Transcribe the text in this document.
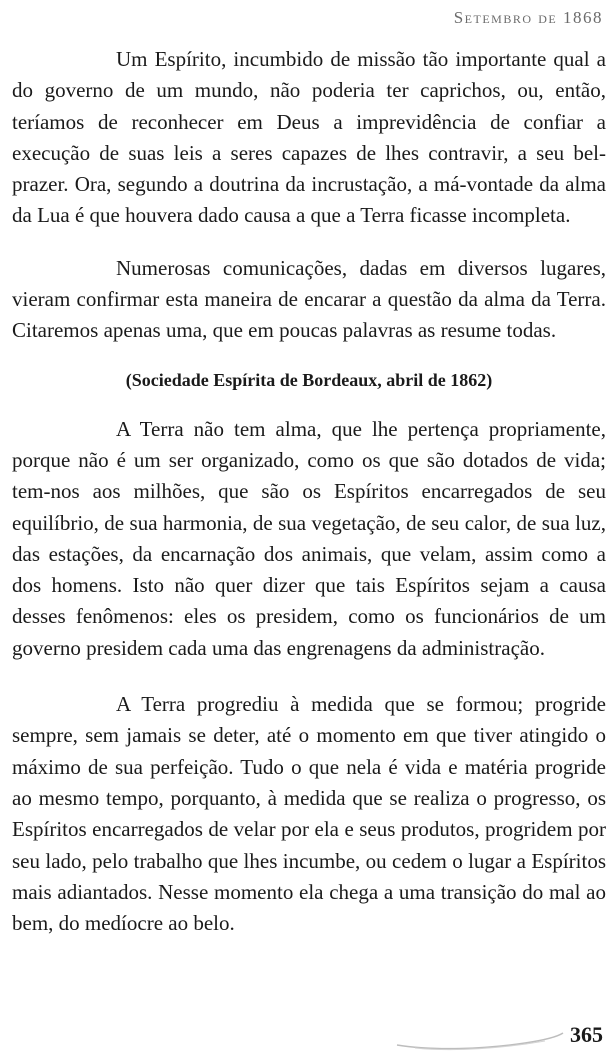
Setembro de 1868

Um Espírito, incumbido de missão tão importante qual a do governo de um mundo, não poderia ter caprichos, ou, então, teríamos de reconhecer em Deus a imprevidência de confiar a execução de suas leis a seres capazes de lhes contravir, a seu bel-prazer. Ora, segundo a doutrina da incrustação, a má-vontade da alma da Lua é que houvera dado causa a que a Terra ficasse incompleta.

Numerosas comunicações, dadas em diversos lugares, vieram confirmar esta maneira de encarar a questão da alma da Terra. Citaremos apenas uma, que em poucas palavras as resume todas.

(Sociedade Espírita de Bordeaux, abril de 1862)

A Terra não tem alma, que lhe pertença propriamente, porque não é um ser organizado, como os que são dotados de vida; tem-nos aos milhões, que são os Espíritos encarregados de seu equilíbrio, de sua harmonia, de sua vegetação, de seu calor, de sua luz, das estações, da encarnação dos animais, que velam, assim como a dos homens. Isto não quer dizer que tais Espíritos sejam a causa desses fenômenos: eles os presidem, como os funcionários de um governo presidem cada uma das engrenagens da administração.

A Terra progrediu à medida que se formou; progride sempre, sem jamais se deter, até o momento em que tiver atingido o máximo de sua perfeição. Tudo o que nela é vida e matéria progride ao mesmo tempo, porquanto, à medida que se realiza o progresso, os Espíritos encarregados de velar por ela e seus produtos, progridem por seu lado, pelo trabalho que lhes incumbe, ou cedem o lugar a Espíritos mais adiantados. Nesse momento ela chega a uma transição do mal ao bem, do medíocre ao belo.

365
